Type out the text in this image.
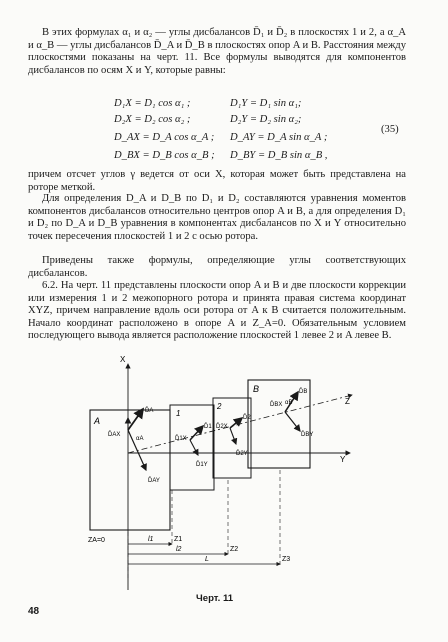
В этих формулах α₁ и α₂ — углы дисбалансов D̄₁ и D̄₂ в плоскостях 1 и 2, а α_A и α_B — углы дисбалансов D̄_A и D̄_B в плоскостях опор A и B. Расстояния между плоскостями показаны на черт. 11. Все формулы выводятся для компонентов дисбалансов по осям X и Y, которые равны:
D₁X = D₁ cos α₁ ;	D₁Y = D₁ sin α₁;
D₂X = D₂ cos α₂ ;	D₂Y = D₂ sin α₂;
D_AX = D_A cos α_A ; D_AY = D_A sin α_A ;
D_BX = D_B cos α_B ; D_BY = D_B sin α_B ,
(35)
причем отсчет углов γ ведется от оси X, которая может быть представлена на роторе меткой.
Для определения D_A и D_B по D₁ и D₂ составляются уравнения моментов компонентов дисбалансов относительно центров опор A и B, а для определения D₁ и D₂ по D_A и D_B уравнения в компонентах дисбалансов по X и Y относительно точек пересечения плоскостей 1 и 2 с осью ротора.
Приведены также формулы, определяющие углы соответствующих дисбалансов.
6.2. На черт. 11 представлены плоскости опор A и B и две плоскости коррекции или измерения 1 и 2 межопорного ротора и принята правая система координат XYZ, причем направление вдоль оси ротора от A к B считается положительным. Начало координат расположено в опоре A и Z_A=0. Обязательным условием последующего вывода является расположение плоскостей 1 левее 2 и A левее B.
X
Y
Z
A
1
2
B
D̄AX
D̄A
αA
D̄AY
D̄1X
D̄1
D̄1Y
D̄2X
D̄2
D̄2Y
D̄BX
D̄B
αB
D̄BY
ZA=0	l1
l2
L
Z1
Z2
Z3
Черт. 11
48
